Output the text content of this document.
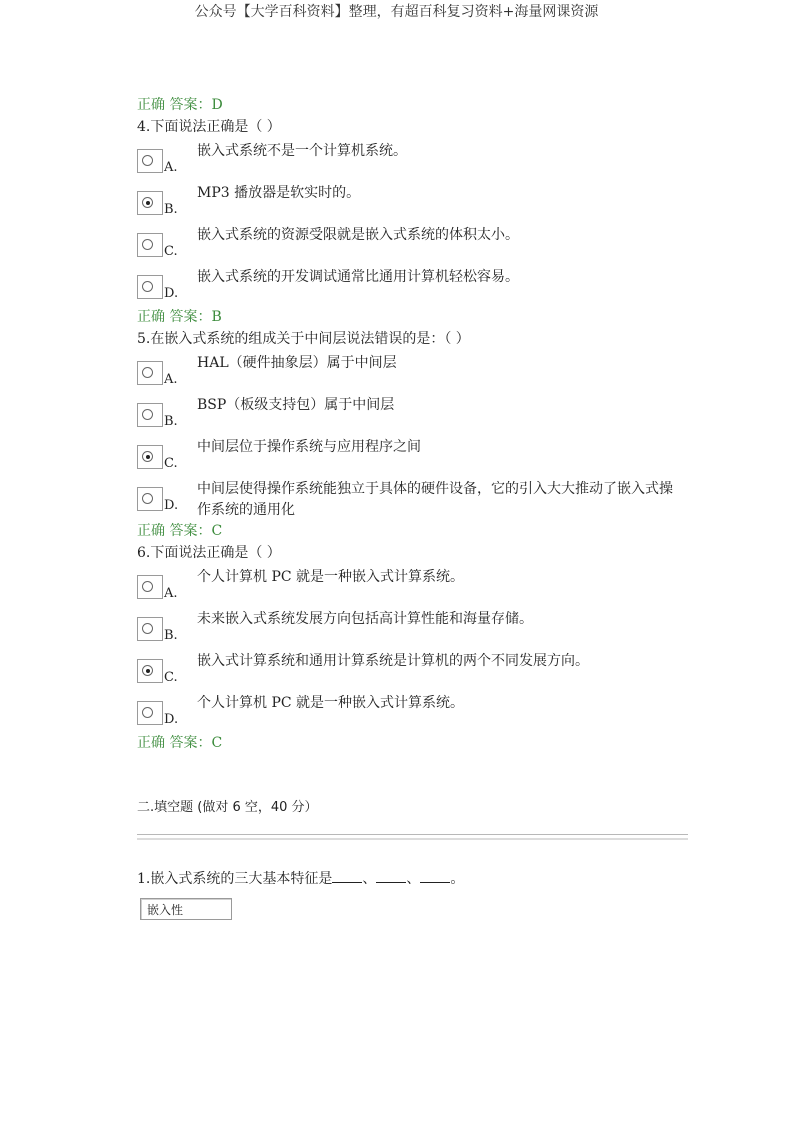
公众号【大学百科资料】整理，有超百科复习资料+海量网课资源
正确 答案：D
4.下面说法正确是（ ）
A.
嵌入式系统不是一个计算机系统。
B.
MP3 播放器是软实时的。
C.
嵌入式系统的资源受限就是嵌入式系统的体积太小。
D.
嵌入式系统的开发调试通常比通用计算机轻松容易。
正确 答案：B
5.在嵌入式系统的组成关于中间层说法错误的是：（ ）
A.
HAL（硬件抽象层）属于中间层
B.
BSP（板级支持包）属于中间层
C.
中间层位于操作系统与应用程序之间
D.
中间层使得操作系统能独立于具体的硬件设备，它的引入大大推动了嵌入式操作系统的通用化
正确 答案：C
6.下面说法正确是（ ）
A.
个人计算机 PC 就是一种嵌入式计算系统。
B.
未来嵌入式系统发展方向包括高计算性能和海量存储。
C.
嵌入式计算系统和通用计算系统是计算机的两个不同发展方向。
D.
个人计算机 PC 就是一种嵌入式计算系统。
正确 答案：C
二.填空题 (做对 6 空，40 分）
1.嵌入式系统的三大基本特征是 、 、 。
嵌入性
